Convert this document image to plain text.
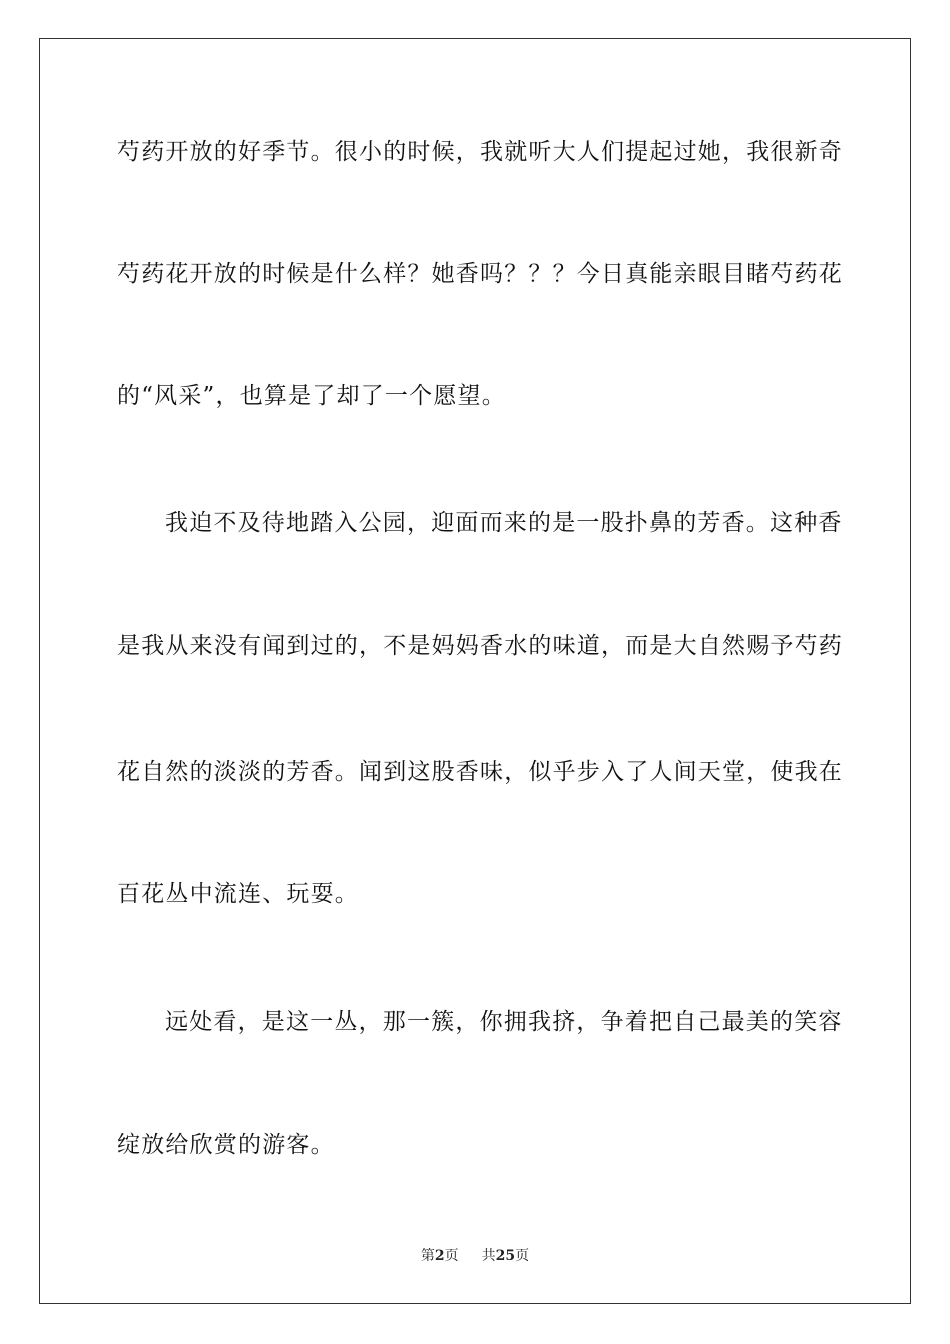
芍药开放的好季节。很小的时候，我就听大人们提起过她，我很新奇
芍药花开放的时候是什么样？她香吗？？？今日真能亲眼目睹芍药花
的“风采”，也算是了却了一个愿望。
我迫不及待地踏入公园，迎面而来的是一股扑鼻的芳香。这种香
是我从来没有闻到过的，不是妈妈香水的味道，而是大自然赐予芍药
花自然的淡淡的芳香。闻到这股香味，似乎步入了人间天堂，使我在
百花丛中流连、玩耍。
远处看，是这一丛，那一簇，你拥我挤，争着把自己最美的笑容
绽放给欣赏的游客。
第2页 共25页
